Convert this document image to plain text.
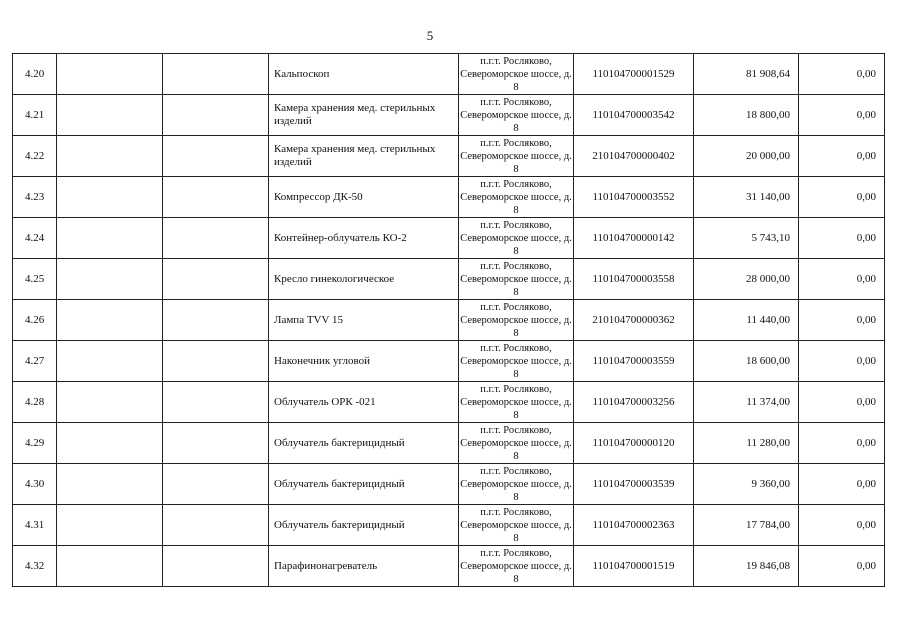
5
4.20			Кальпоскоп	п.г.т. Росляково, Североморское шоссе, д. 8	110104700001529	81 908,64	0,00
4.21			Камера хранения мед. стерильных изделий	п.г.т. Росляково, Североморское шоссе, д. 8	110104700003542	18 800,00	0,00
4.22			Камера хранения мед. стерильных изделий	п.г.т. Росляково, Североморское шоссе, д. 8	210104700000402	20 000,00	0,00
4.23			Компрессор ДК-50	п.г.т. Росляково, Североморское шоссе, д. 8	110104700003552	31 140,00	0,00
4.24			Контейнер-облучатель КО-2	п.г.т. Росляково, Североморское шоссе, д. 8	110104700000142	5 743,10	0,00
4.25			Кресло гинекологическое	п.г.т. Росляково, Североморское шоссе, д. 8	110104700003558	28 000,00	0,00
4.26			Лампа TVV 15	п.г.т. Росляково, Североморское шоссе, д. 8	210104700000362	11 440,00	0,00
4.27			Наконечник угловой	п.г.т. Росляково, Североморское шоссе, д. 8	110104700003559	18 600,00	0,00
4.28			Облучатель ОРК -021	п.г.т. Росляково, Североморское шоссе, д. 8	110104700003256	11 374,00	0,00
4.29			Облучатель бактерицидный	п.г.т. Росляково, Североморское шоссе, д. 8	110104700000120	11 280,00	0,00
4.30			Облучатель бактерицидный	п.г.т. Росляково, Североморское шоссе, д. 8	110104700003539	9 360,00	0,00
4.31			Облучатель бактерицидный	п.г.т. Росляково, Североморское шоссе, д. 8	110104700002363	17 784,00	0,00
4.32			Парафинонагреватель	п.г.т. Росляково, Североморское шоссе, д. 8	110104700001519	19 846,08	0,00
